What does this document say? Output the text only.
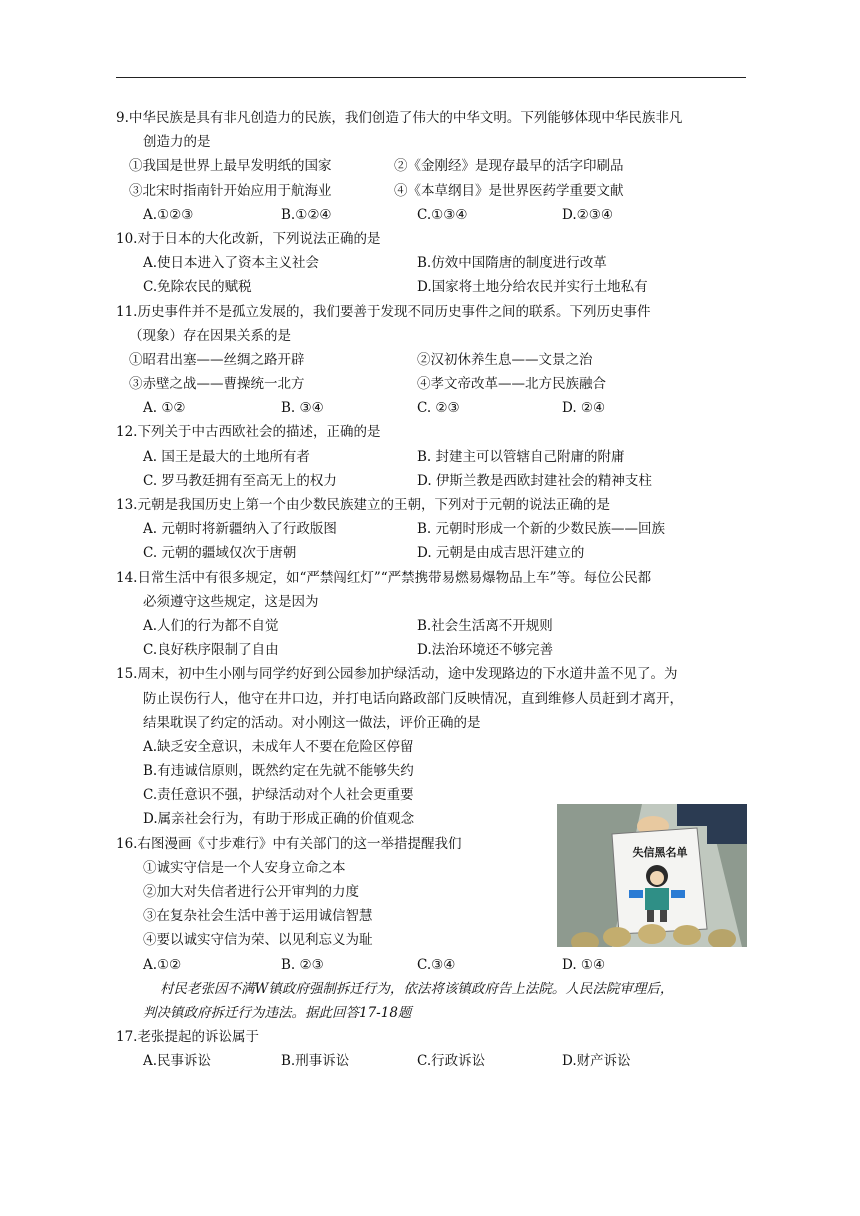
9.中华民族是具有非凡创造力的民族，我们创造了伟大的中华文明。下列能够体现中华民族非凡
创造力的是
①我国是世界上最早发明纸的国家	②《金刚经》是现存最早的活字印刷品
③北宋时指南针开始应用于航海业	④《本草纲目》是世界医药学重要文献
A.①②③	B.①②④	C.①③④	D.②③④
10.对于日本的大化改新，下列说法正确的是
A.使日本进入了资本主义社会	B.仿效中国隋唐的制度进行改革
C.免除农民的赋税	D.国家将土地分给农民并实行土地私有
11.历史事件并不是孤立发展的，我们要善于发现不同历史事件之间的联系。下列历史事件
（现象）存在因果关系的是
①昭君出塞——丝绸之路开辟	②汉初休养生息——文景之治
③赤壁之战——曹操统一北方	④孝文帝改革——北方民族融合
A. ①②	B. ③④	C. ②③	D. ②④
12.下列关于中古西欧社会的描述，正确的是
A. 国王是最大的土地所有者	B. 封建主可以管辖自己附庸的附庸
C. 罗马教廷拥有至高无上的权力	D. 伊斯兰教是西欧封建社会的精神支柱
13.元朝是我国历史上第一个由少数民族建立的王朝，下列对于元朝的说法正确的是
A. 元朝时将新疆纳入了行政版图	B. 元朝时形成一个新的少数民族——回族
C. 元朝的疆域仅次于唐朝	D. 元朝是由成吉思汗建立的
14.日常生活中有很多规定，如“严禁闯红灯”“严禁携带易燃易爆物品上车”等。每位公民都
必须遵守这些规定，这是因为
A.人们的行为都不自觉	B.社会生活离不开规则
C.良好秩序限制了自由	D.法治环境还不够完善
15.周末，初中生小刚与同学约好到公园参加护绿活动，途中发现路边的下水道井盖不见了。为
防止误伤行人，他守在井口边，并打电话向路政部门反映情况，直到维修人员赶到才离开，
结果耽误了约定的活动。对小刚这一做法，评价正确的是
A.缺乏安全意识，未成年人不要在危险区停留
B.有违诚信原则，既然约定在先就不能够失约
C.责任意识不强，护绿活动对个人社会更重要
D.属亲社会行为，有助于形成正确的价值观念
16.右图漫画《寸步难行》中有关部门的这一举措提醒我们
①诚实守信是一个人安身立命之本
②加大对失信者进行公开审判的力度
③在复杂社会生活中善于运用诚信智慧
④要以诚实守信为荣、以见利忘义为耻
A.①②	B. ②③	C.③④	D. ①④
村民老张因不满W镇政府强制拆迁行为，依法将该镇政府告上法院。人民法院审理后，
判决镇政府拆迁行为违法。据此回答17-18题
17.老张提起的诉讼属于
A.民事诉讼	B.刑事诉讼	C.行政诉讼	D.财产诉讼
失信黑名单
